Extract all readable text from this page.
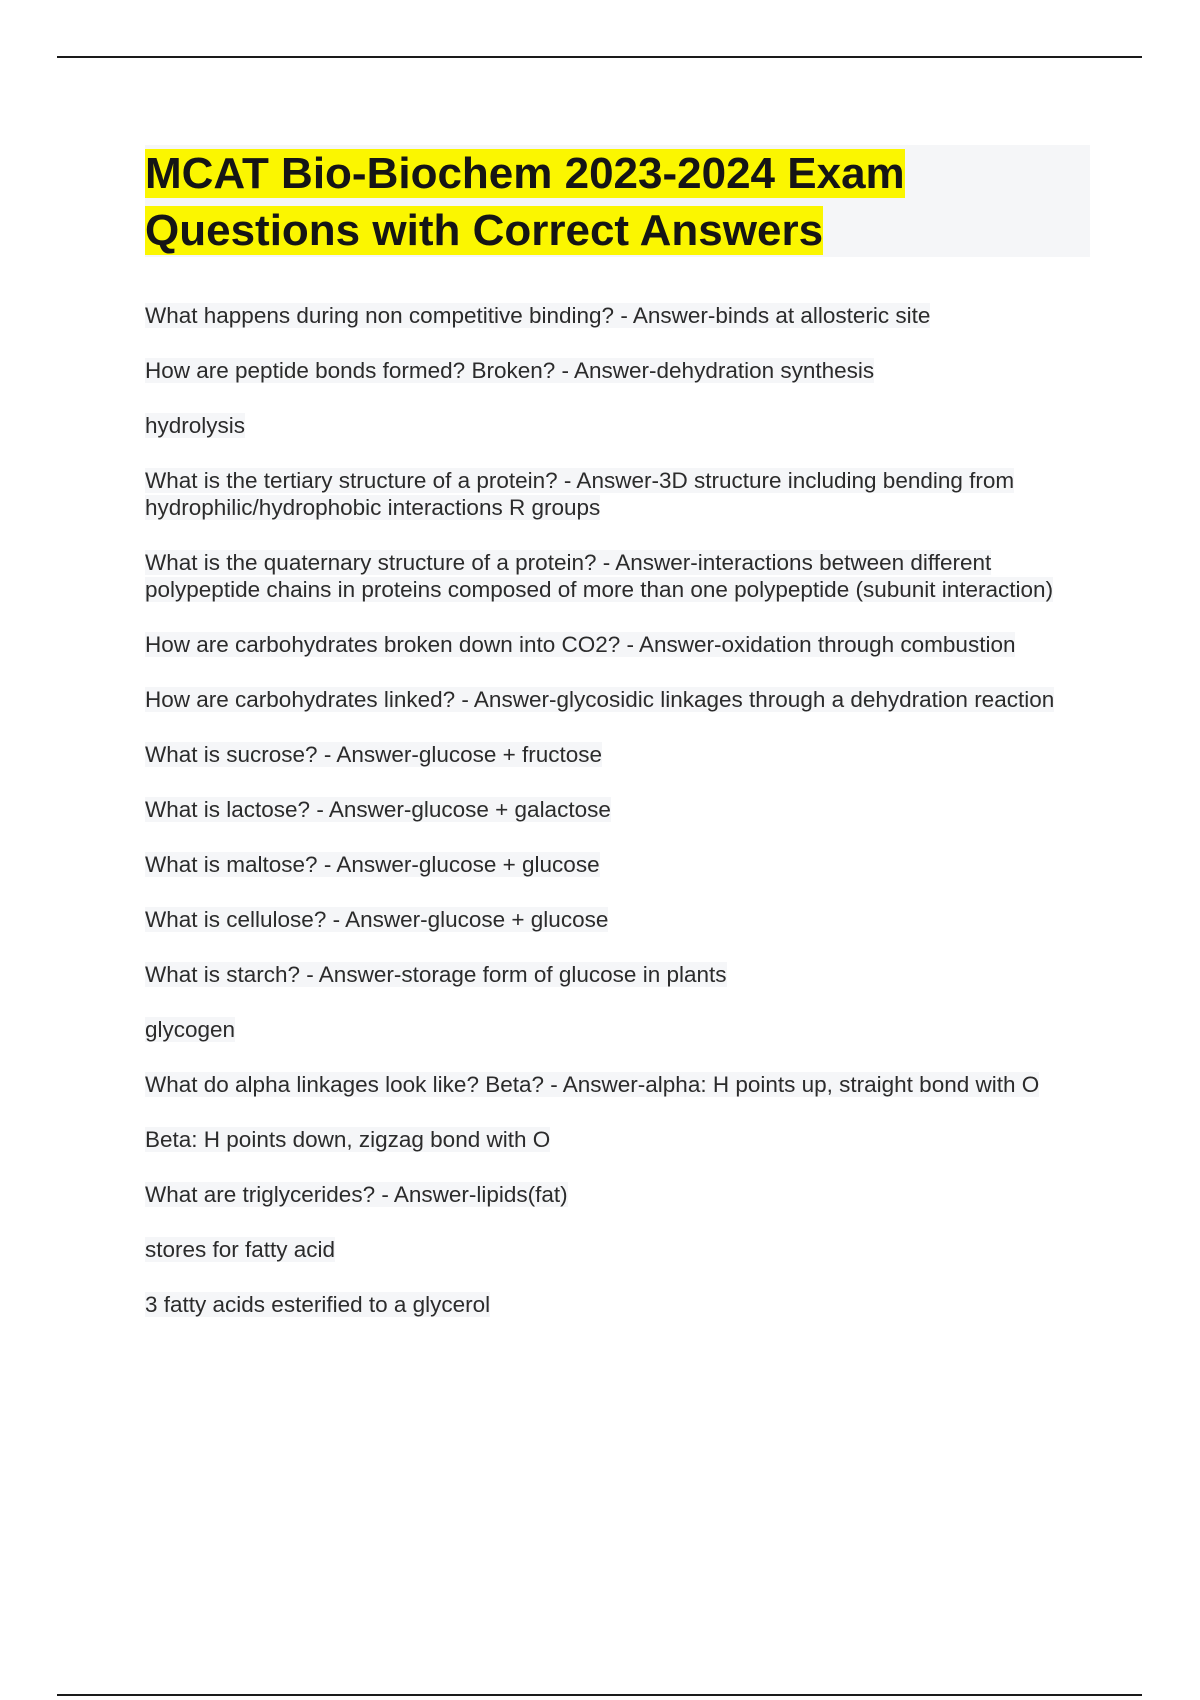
MCAT Bio-Biochem 2023-2024 Exam Questions with Correct Answers

What happens during non competitive binding? - Answer-binds at allosteric site

How are peptide bonds formed? Broken? - Answer-dehydration synthesis

hydrolysis

What is the tertiary structure of a protein? - Answer-3D structure including bending from hydrophilic/hydrophobic interactions R groups

What is the quaternary structure of a protein? - Answer-interactions between different polypeptide chains in proteins composed of more than one polypeptide (subunit interaction)

How are carbohydrates broken down into CO2? - Answer-oxidation through combustion

How are carbohydrates linked? - Answer-glycosidic linkages through a dehydration reaction

What is sucrose? - Answer-glucose + fructose

What is lactose? - Answer-glucose + galactose

What is maltose? - Answer-glucose + glucose

What is cellulose? - Answer-glucose + glucose

What is starch? - Answer-storage form of glucose in plants

glycogen

What do alpha linkages look like? Beta? - Answer-alpha: H points up, straight bond with O

Beta: H points down, zigzag bond with O

What are triglycerides? - Answer-lipids(fat)

stores for fatty acid

3 fatty acids esterified to a glycerol
